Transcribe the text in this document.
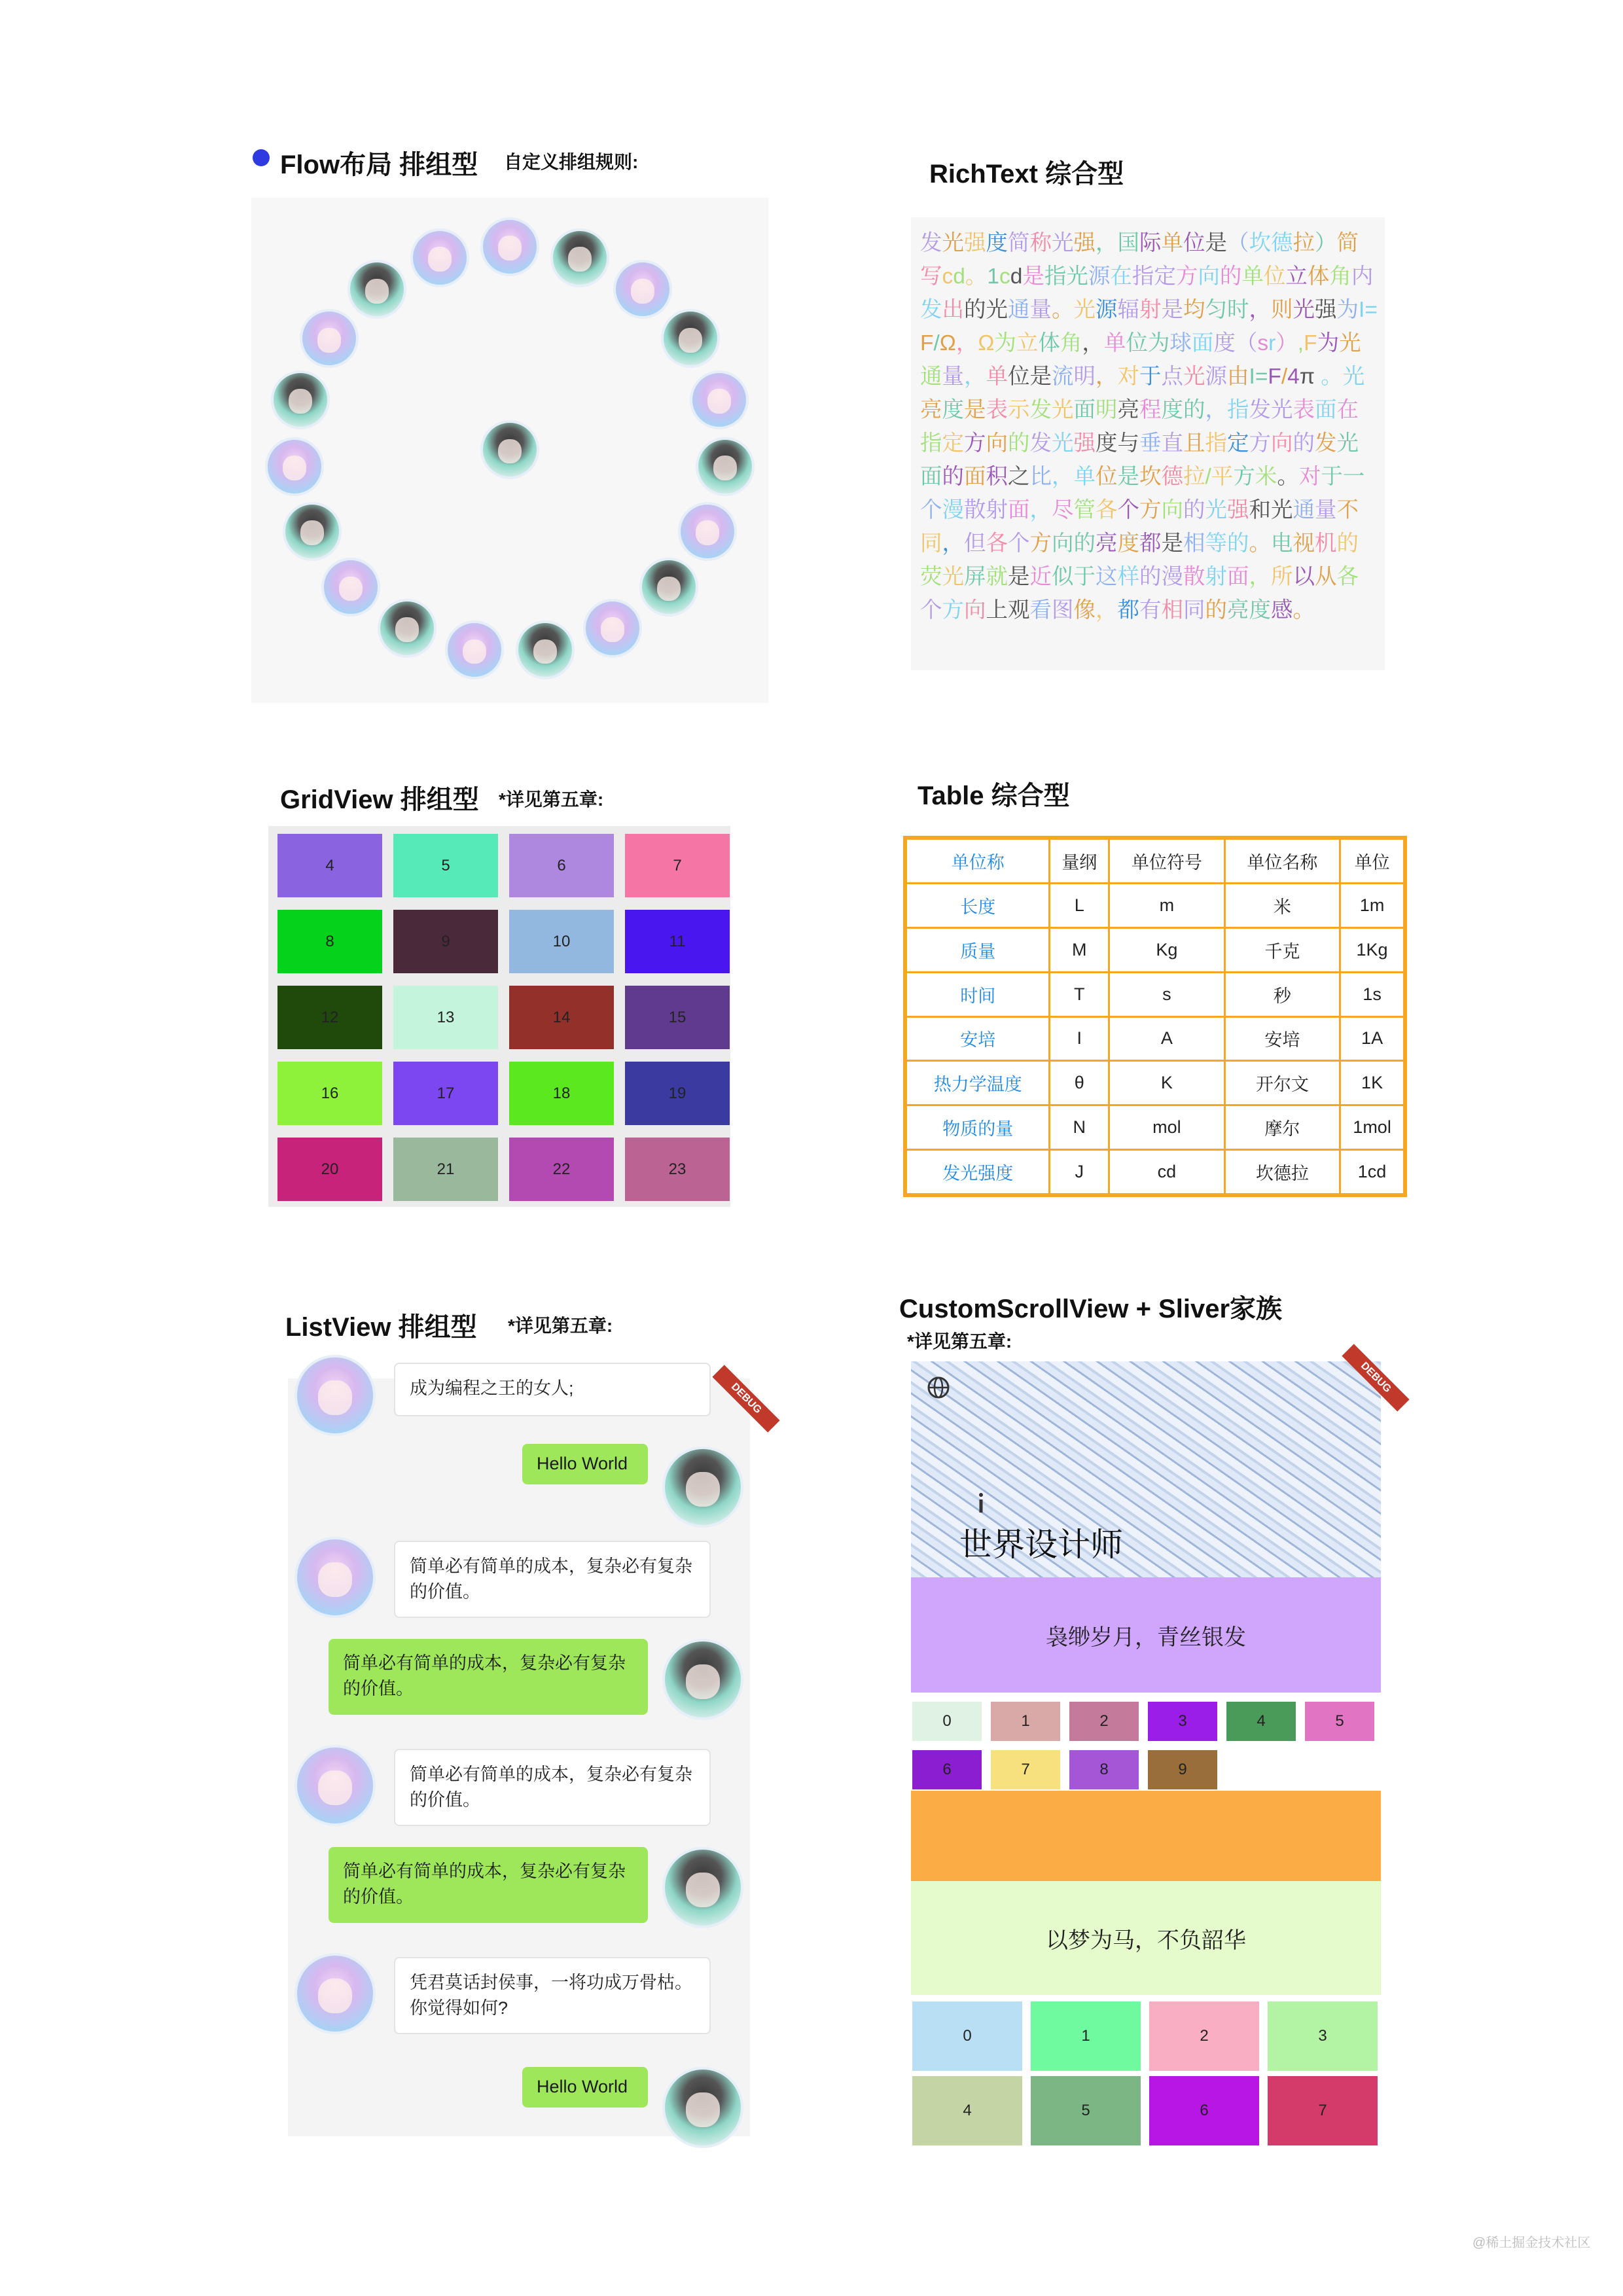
Flow布局 排组型 自定义排组规则:	RichText 综合型
发光强度简称光强，国际单位是（坎德拉）简写cd。1cd是指光源在指定方向的单位立体角内发出的光通量。光源辐射是均匀时，则光强为I=F/Ω，Ω为立体角，单位为球面度（sr）,F为光通量，单位是流明，对于点光源由I=F/4π 。光亮度是表示发光面明亮程度的，指发光表面在指定方向的发光强度与垂直且指定方向的发光面的面积之比，单位是坎德拉/平方米。对于一个漫散射面，尽管各个方向的光强和光通量不同，但各个方向的亮度都是相等的。电视机的荧光屏就是近似于这样的漫散射面，所以从各个方向上观看图像，都有相同的亮度感。
GridView 排组型 *详见第五章:
4	5	6	7
8	9	10	11
12	13	14	15
16	17	18	19
20	21	22	23
Table 综合型
单位称	量纲	单位符号	单位名称	单位
长度	L	m	米	1m
质量	M	Kg	千克	1Kg
时间	T	s	秒	1s
安培	I	A	安培	1A
热力学温度	θ	K	开尔文	1K
物质的量	N	mol	摩尔	1mol
发光强度	J	cd	坎德拉	1cd
ListView 排组型 *详见第五章:
DEBUG
成为编程之王的女人;
Hello World
简单必有简单的成本，复杂必有复杂的价值。
简单必有简单的成本，复杂必有复杂的价值。
简单必有简单的成本，复杂必有复杂的价值。
简单必有简单的成本，复杂必有复杂的价值。
凭君莫话封侯事，一将功成万骨枯。你觉得如何?
Hello World
CustomScrollView + Sliver家族
*详见第五章:
世界设计师
DEBUG
袅缈岁月，青丝银发
以梦为马，不负韶华
0	1	2	3	4	5
6	7	8	9
0	1	2	3
4	5	6	7
@稀土掘金技术社区
